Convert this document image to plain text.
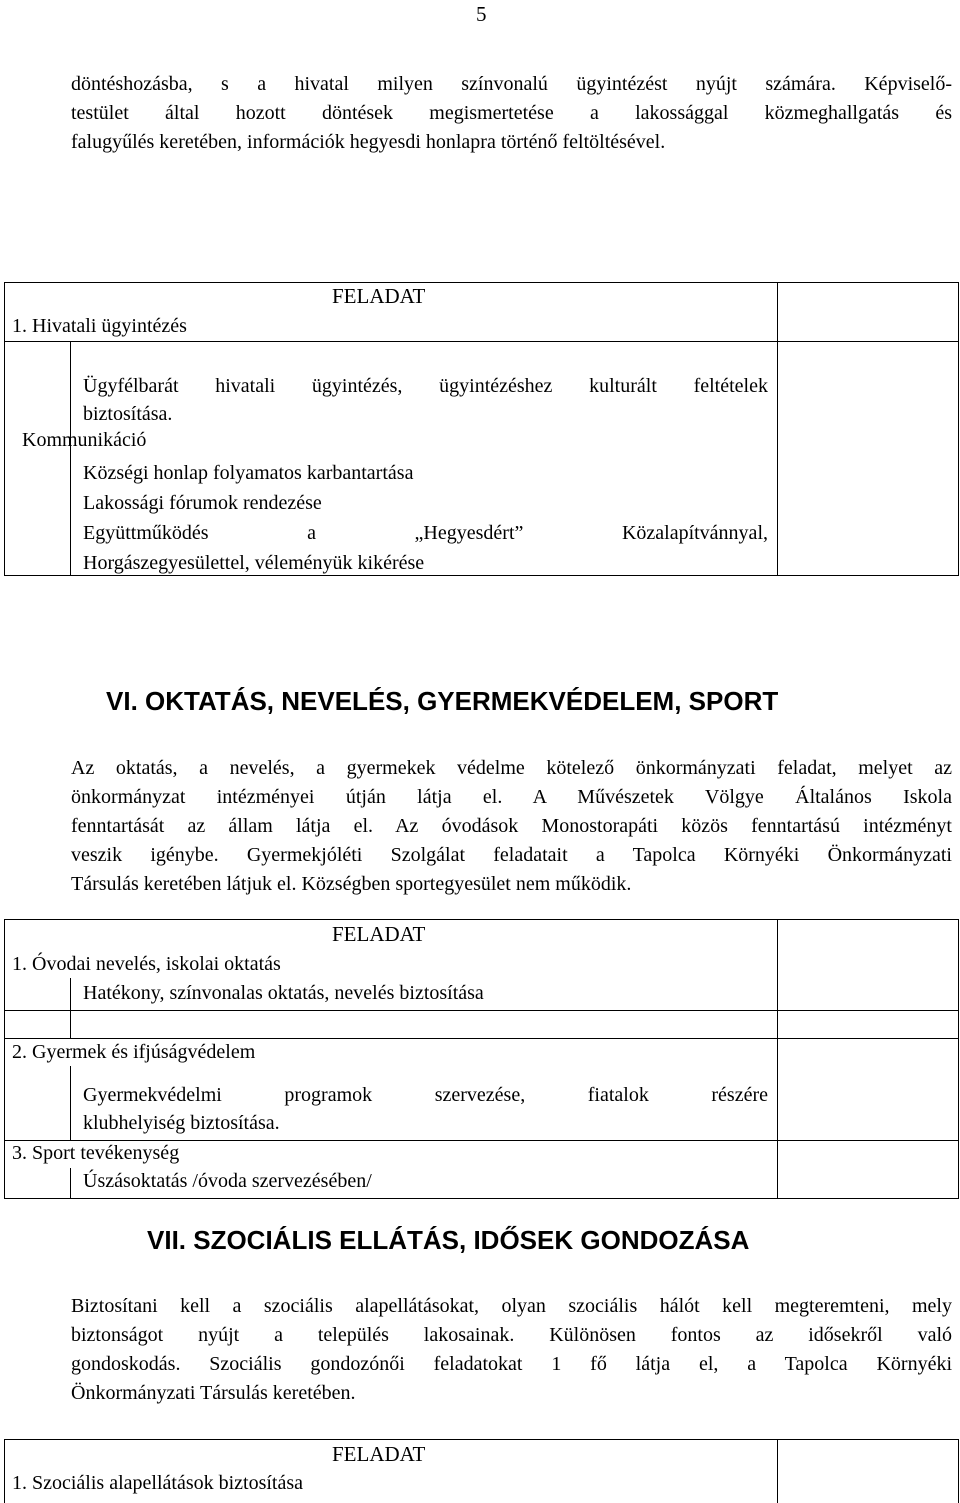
5
döntéshozásba, s a hivatal milyen színvonalú ügyintézést nyújt számára. Képviselő-
testület által hozott döntések megismertetése a lakossággal közmeghallgatás és
falugyűlés keretében, információk hegyesdi honlapra történő feltöltésével.
FELADAT
1. Hivatali ügyintézés
Ügyfélbarát hivatali ügyintézés, ügyintézéshez kulturált feltételek
biztosítása.
Kommunikáció
Községi honlap folyamatos karbantartása
Lakossági fórumok rendezése
Együttműködés a „Hegyesdért” Közalapítvánnyal,
Horgászegyesülettel, véleményük kikérése
VI. OKTATÁS, NEVELÉS, GYERMEKVÉDELEM, SPORT
Az oktatás, a nevelés, a gyermekek védelme kötelező önkormányzati feladat, melyet az
önkormányzat intézményei útján látja el. A Művészetek Völgye Általános Iskola
fenntartását az állam látja el. Az óvodások Monostorapáti közös fenntartású intézményt
veszik igénybe. Gyermekjóléti Szolgálat feladatait a Tapolca Környéki Önkormányzati
Társulás keretében látjuk el. Községben sportegyesület nem működik.
FELADAT
1. Óvodai nevelés, iskolai oktatás
Hatékony, színvonalas oktatás, nevelés biztosítása
2. Gyermek és ifjúságvédelem
Gyermekvédelmi programok szervezése, fiatalok részére
klubhelyiség biztosítása.
3. Sport tevékenység
Úszásoktatás /óvoda szervezésében/
VII. SZOCIÁLIS ELLÁTÁS, IDŐSEK GONDOZÁSA
Biztosítani kell a szociális alapellátásokat, olyan szociális hálót kell megteremteni, mely
biztonságot nyújt a település lakosainak. Különösen fontos az idősekről való
gondoskodás. Szociális gondozónői feladatokat 1 fő látja el, a Tapolca Környéki
Önkormányzati Társulás keretében.
FELADAT
1. Szociális alapellátások biztosítása
